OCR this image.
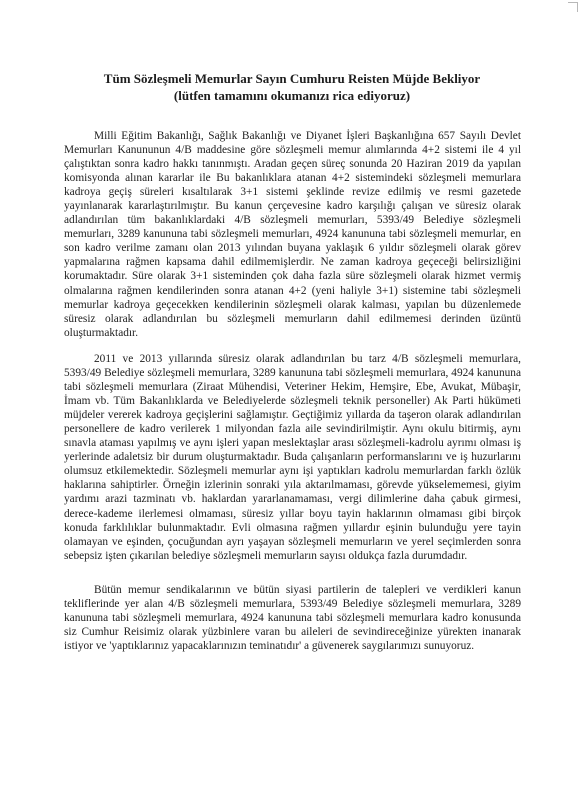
Tüm Sözleşmeli Memurlar Sayın Cumhuru Reisten Müjde Bekliyor
(lütfen tamamını okumanızı rica ediyoruz)

Milli Eğitim Bakanlığı, Sağlık Bakanlığı ve Diyanet İşleri Başkanlığına 657 Sayılı Devlet Memurları Kanununun 4/B maddesine göre sözleşmeli memur alımlarında 4+2 sistemi ile 4 yıl çalıştıktan sonra kadro hakkı tanınmıştı. Aradan geçen süreç sonunda 20 Haziran 2019 da yapılan komisyonda alınan kararlar ile Bu bakanlıklara atanan 4+2 sistemindeki sözleşmeli memurlara kadroya geçiş süreleri kısaltılarak 3+1 sistemi şeklinde revize edilmiş ve resmi gazetede yayınlanarak kararlaştırılmıştır. Bu kanun çerçevesine kadro karşılığı çalışan ve süresiz olarak adlandırılan tüm bakanlıklardaki 4/B sözleşmeli memurları, 5393/49 Belediye sözleşmeli memurları, 3289 kanununa tabi sözleşmeli memurları, 4924 kanununa tabi sözleşmeli memurlar, en son kadro verilme zamanı olan 2013 yılından buyana yaklaşık 6 yıldır sözleşmeli olarak görev yapmalarına rağmen kapsama dahil edilmemişlerdir. Ne zaman kadroya geçeceği belirsizliğini korumaktadır. Süre olarak 3+1 sisteminden çok daha fazla süre sözleşmeli olarak hizmet vermiş olmalarına rağmen kendilerinden sonra atanan 4+2 (yeni haliyle 3+1) sistemine tabi sözleşmeli memurlar kadroya geçecekken kendilerinin sözleşmeli olarak kalması, yapılan bu düzenlemede süresiz olarak adlandırılan bu sözleşmeli memurların dahil edilmemesi derinden üzüntü oluşturmaktadır.

2011 ve 2013 yıllarında süresiz olarak adlandırılan bu tarz 4/B sözleşmeli memurlara, 5393/49 Belediye sözleşmeli memurlara, 3289 kanununa tabi sözleşmeli memurlara, 4924 kanununa tabi sözleşmeli memurlara (Ziraat Mühendisi, Veteriner Hekim, Hemşire, Ebe, Avukat, Mübaşir, İmam vb. Tüm Bakanlıklarda ve Belediyelerde sözleşmeli teknik personeller) Ak Parti hükümeti müjdeler vererek kadroya geçişlerini sağlamıştır. Geçtiğimiz yıllarda da taşeron olarak adlandırılan personellere de kadro verilerek 1 milyondan fazla aile sevindirilmiştir. Aynı okulu bitirmiş, aynı sınavla ataması yapılmış ve aynı işleri yapan meslektaşlar arası sözleşmeli-kadrolu ayrımı olması iş yerlerinde adaletsiz bir durum oluşturmaktadır. Buda çalışanların performanslarını ve iş huzurlarını olumsuz etkilemektedir. Sözleşmeli memurlar aynı işi yaptıkları kadrolu memurlardan farklı özlük haklarına sahiptirler. Örneğin izlerinin sonraki yıla aktarılmaması, görevde yükselememesi, giyim yardımı arazi tazminatı vb. haklardan yararlanamaması, vergi dilimlerine daha çabuk girmesi, derece-kademe ilerlemesi olmaması, süresiz yıllar boyu tayin haklarının olmaması gibi birçok konuda farklılıklar bulunmaktadır. Evli olmasına rağmen yıllardır eşinin bulunduğu yere tayin olamayan ve eşinden, çocuğundan ayrı yaşayan sözleşmeli memurların ve yerel seçimlerden sonra sebepsiz işten çıkarılan belediye sözleşmeli memurların sayısı oldukça fazla durumdadır.

Bütün memur sendikalarının ve bütün siyasi partilerin de talepleri ve verdikleri kanun tekliflerinde yer alan 4/B sözleşmeli memurlara, 5393/49 Belediye sözleşmeli memurlara, 3289 kanununa tabi sözleşmeli memurlara, 4924 kanununa tabi sözleşmeli memurlara kadro konusunda siz Cumhur Reisimiz olarak yüzbinlere varan bu aileleri de sevindireceğinize yürekten inanarak istiyor ve 'yaptıklarınız yapacaklarınızın teminatıdır' a güvenerek saygılarımızı sunuyoruz.
